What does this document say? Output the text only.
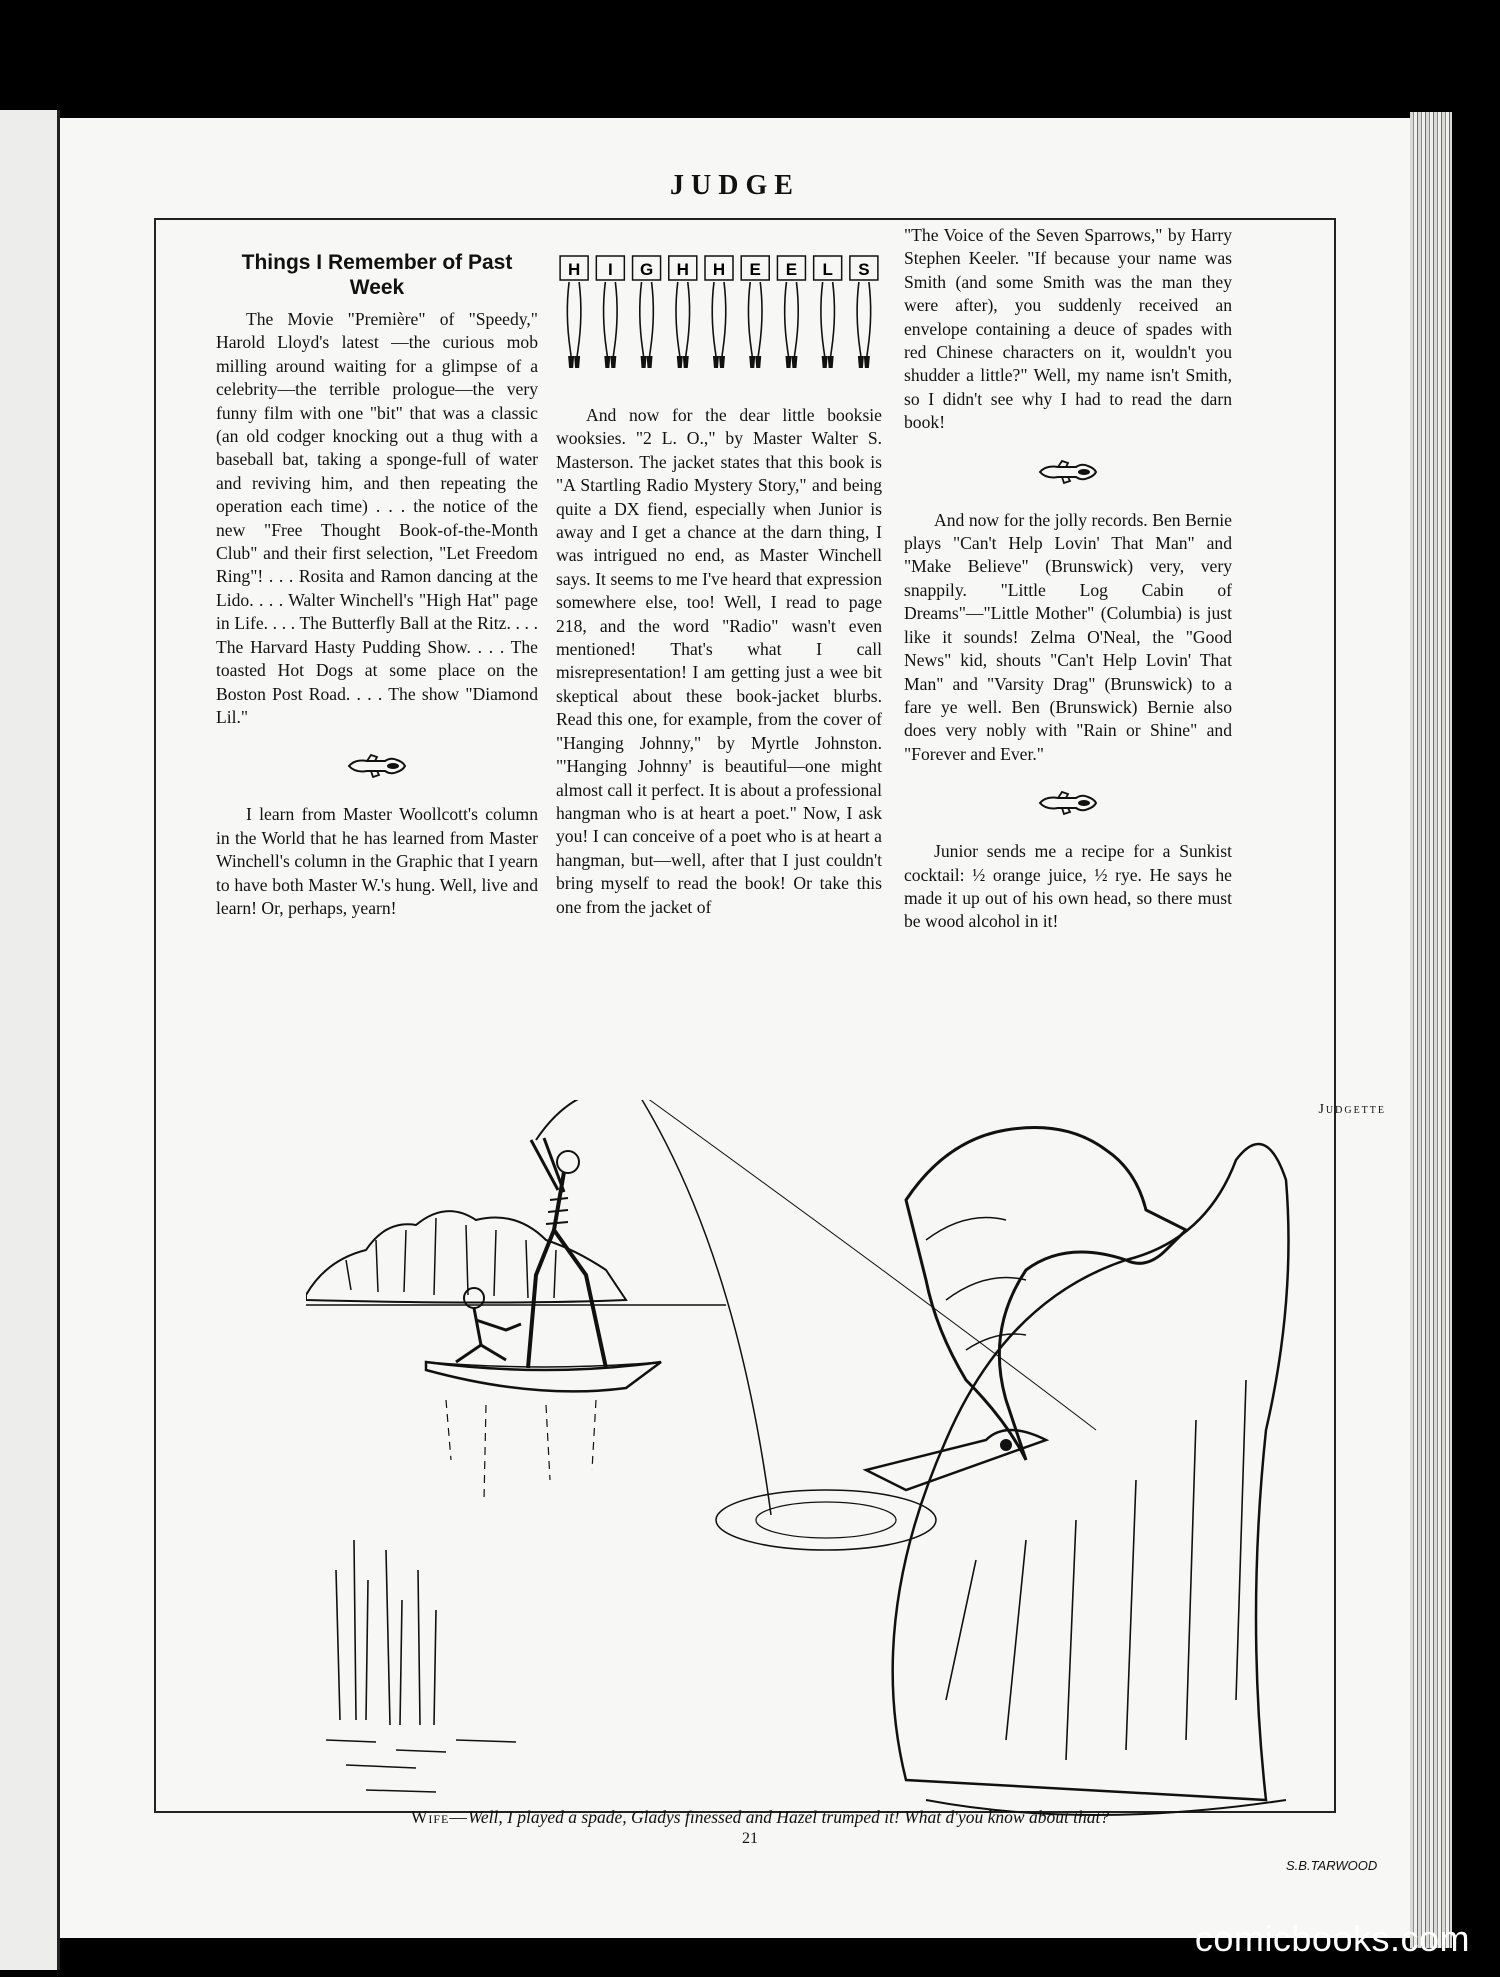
JUDGE
Things I Remember of Past Week

The Movie "Première" of "Speedy," Harold Lloyd's latest —the curious mob milling around waiting for a glimpse of a celebrity—the terrible prologue—the very funny film with one "bit" that was a classic (an old codger knocking out a thug with a baseball bat, taking a sponge-full of water and reviving him, and then repeating the operation each time) . . . the notice of the new "Free Thought Book-of-the-Month Club" and their first selection, "Let Freedom Ring"! . . . Rosita and Ramon dancing at the Lido. . . . Walter Winchell's "High Hat" page in Life. . . . The Butterfly Ball at the Ritz. . . . The Harvard Hasty Pudding Show. . . . The toasted Hot Dogs at some place on the Boston Post Road. . . . The show "Diamond Lil."

I learn from Master Woollcott's column in the World that he has learned from Master Winchell's column in the Graphic that I yearn to have both Master W.'s hung. Well, live and learn! Or, perhaps, yearn!

H I G H H E E L S

And now for the dear little booksie wooksies. "2 L. O.," by Master Walter S. Masterson. The jacket states that this book is "A Startling Radio Mystery Story," and being quite a DX fiend, especially when Junior is away and I get a chance at the darn thing, I was intrigued no end, as Master Winchell says. It seems to me I've heard that expression somewhere else, too! Well, I read to page 218, and the word "Radio" wasn't even mentioned! That's what I call misrepresentation! I am getting just a wee bit skeptical about these book-jacket blurbs. Read this one, for example, from the cover of "Hanging Johnny," by Myrtle Johnston. "'Hanging Johnny' is beautiful—one might almost call it perfect. It is about a professional hangman who is at heart a poet." Now, I ask you! I can conceive of a poet who is at heart a hangman, but—well, after that I just couldn't bring myself to read the book! Or take this one from the jacket of

"The Voice of the Seven Sparrows," by Harry Stephen Keeler. "If because your name was Smith (and some Smith was the man they were after), you suddenly received an envelope containing a deuce of spades with red Chinese characters on it, wouldn't you shudder a little?" Well, my name isn't Smith, so I didn't see why I had to read the darn book!

And now for the jolly records. Ben Bernie plays "Can't Help Lovin' That Man" and "Make Believe" (Brunswick) very, very snappily. "Little Log Cabin of Dreams"—"Little Mother" (Columbia) is just like it sounds! Zelma O'Neal, the "Good News" kid, shouts "Can't Help Lovin' That Man" and "Varsity Drag" (Brunswick) to a fare ye well. Ben (Brunswick) Bernie also does very nobly with "Rain or Shine" and "Forever and Ever."

Junior sends me a recipe for a Sunkist cocktail: ½ orange juice, ½ rye. He says he made it up out of his own head, so there must be wood alcohol in it!

Judgette
S.B.TARWOOD
Wife—Well, I played a spade, Gladys finessed and Hazel trumped it! What d'you know about that?
21
comicbooks.com
